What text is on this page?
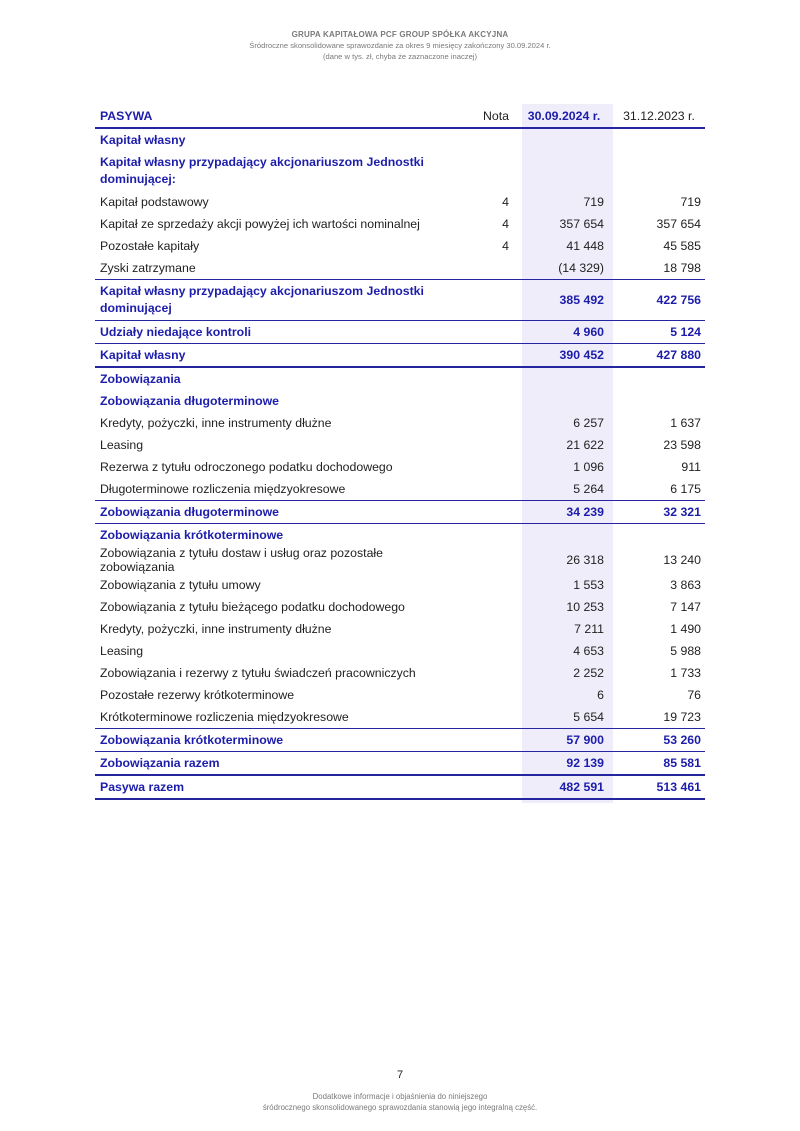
GRUPA KAPITAŁOWA PCF GROUP SPÓŁKA AKCYJNA
Śródroczne skonsolidowane sprawozdanie za okres 9 miesięcy zakończony 30.09.2024 r.
(dane w tys. zł, chyba że zaznaczone inaczej)
PASYWA	Nota	30.09.2024 r.	31.12.2023 r.
Kapitał własny			
Kapitał własny przypadający akcjonariuszom Jednostki dominującej:			
Kapitał podstawowy	4	719	719
Kapitał ze sprzedaży akcji powyżej ich wartości nominalnej	4	357 654	357 654
Pozostałe kapitały	4	41 448	45 585
Zyski zatrzymane		(14 329)	18 798
Kapitał własny przypadający akcjonariuszom Jednostki dominującej		385 492	422 756
Udziały niedające kontroli		4 960	5 124
Kapitał własny		390 452	427 880
Zobowiązania			
Zobowiązania długoterminowe			
Kredyty, pożyczki, inne instrumenty dłużne		6 257	1 637
Leasing		21 622	23 598
Rezerwa z tytułu odroczonego podatku dochodowego		1 096	911
Długoterminowe rozliczenia międzyokresowe		5 264	6 175
Zobowiązania długoterminowe		34 239	32 321
Zobowiązania krótkoterminowe			
Zobowiązania z tytułu dostaw i usług oraz pozostałe zobowiązania		26 318	13 240
Zobowiązania z tytułu umowy		1 553	3 863
Zobowiązania z tytułu bieżącego podatku dochodowego		10 253	7 147
Kredyty, pożyczki, inne instrumenty dłużne		7 211	1 490
Leasing		4 653	5 988
Zobowiązania i rezerwy z tytułu świadczeń pracowniczych		2 252	1 733
Pozostałe rezerwy krótkoterminowe		6	76
Krótkoterminowe rozliczenia międzyokresowe		5 654	19 723
Zobowiązania krótkoterminowe		57 900	53 260
Zobowiązania razem		92 139	85 581
Pasywa razem		482 591	513 461
7
Dodatkowe informacje i objaśnienia do niniejszego
śródrocznego skonsolidowanego sprawozdania stanowią jego integralną część.
